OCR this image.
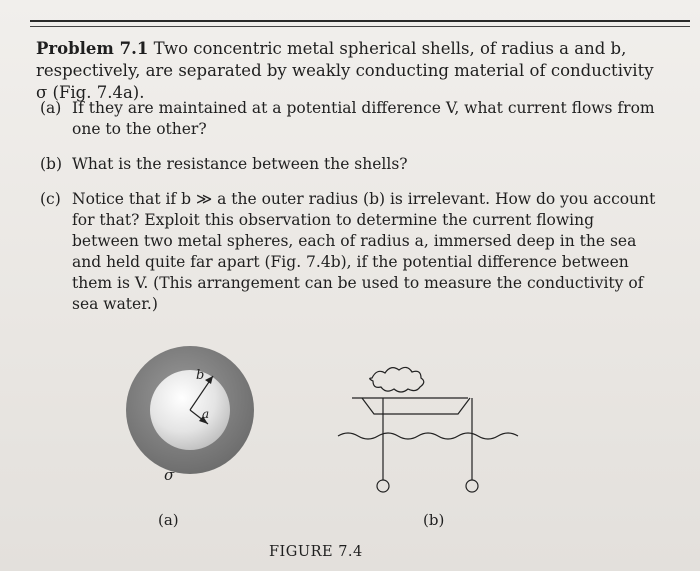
Problem 7.1 Two concentric metal spherical shells, of radius a and b, respectively, are separated by weakly conducting material of conductivity σ (Fig. 7.4a).
(a) If they are maintained at a potential difference V, what current flows from one to the other?
(b) What is the resistance between the shells?
(c) Notice that if b ≫ a the outer radius (b) is irrelevant. How do you account for that? Exploit this observation to determine the current flowing between two metal spheres, each of radius a, immersed deep in the sea and held quite far apart (Fig. 7.4b), if the potential difference between them is V. (This arrangement can be used to measure the conductivity of sea water.)
b
a
σ
(a)	(b)
FIGURE 7.4
